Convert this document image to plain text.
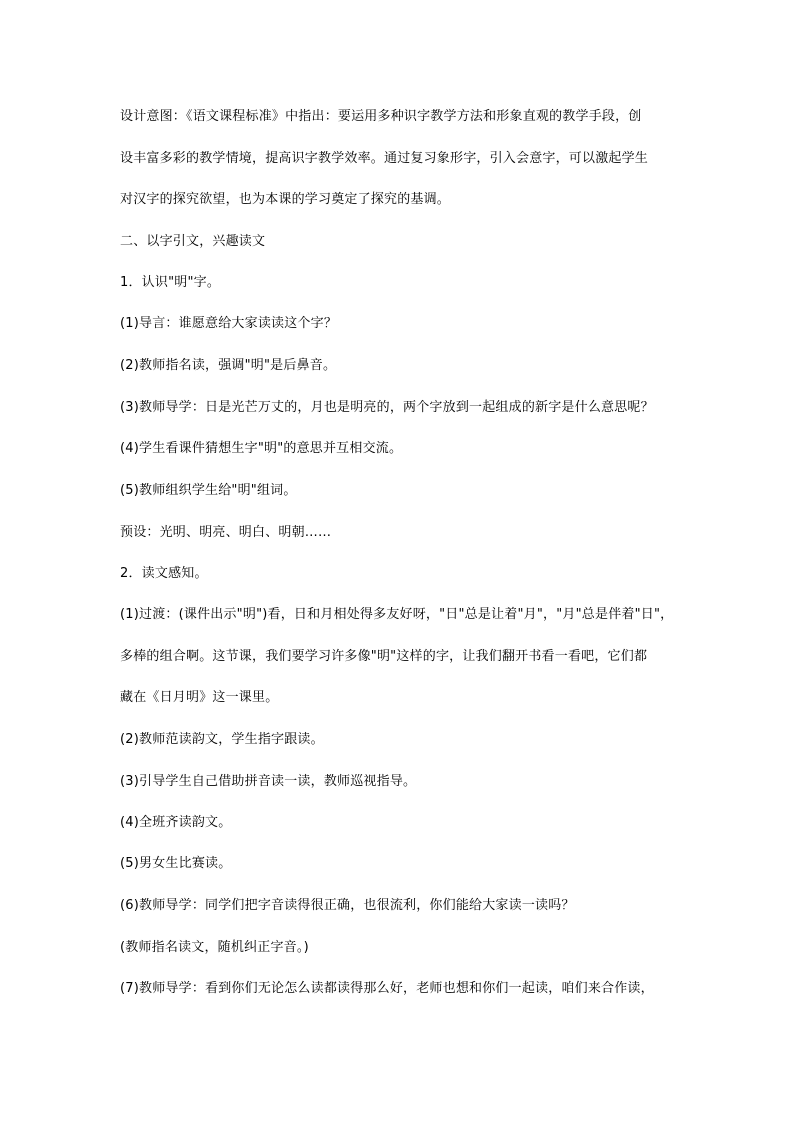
设计意图：《语文课程标准》中指出：要运用多种识字教学方法和形象直观的教学手段，创
设丰富多彩的教学情境，提高识字教学效率。通过复习象形字，引入会意字，可以激起学生
对汉字的探究欲望，也为本课的学习奠定了探究的基调。
二、以字引文，兴趣读文
1．认识"明"字。
(1)导言：谁愿意给大家读读这个字？
(2)教师指名读，强调"明"是后鼻音。
(3)教师导学：日是光芒万丈的，月也是明亮的，两个字放到一起组成的新字是什么意思呢？
(4)学生看课件猜想生字"明"的意思并互相交流。
(5)教师组织学生给"明"组词。
预设：光明、明亮、明白、明朝……
2．读文感知。
(1)过渡：(课件出示"明")看，日和月相处得多友好呀，"日"总是让着"月"，"月"总是伴着"日"，
多棒的组合啊。这节课，我们要学习许多像"明"这样的字，让我们翻开书看一看吧，它们都
藏在《日月明》这一课里。
(2)教师范读韵文，学生指字跟读。
(3)引导学生自己借助拼音读一读，教师巡视指导。
(4)全班齐读韵文。
(5)男女生比赛读。
(6)教师导学：同学们把字音读得很正确，也很流利，你们能给大家读一读吗？
(教师指名读文，随机纠正字音。)
(7)教师导学：看到你们无论怎么读都读得那么好，老师也想和你们一起读，咱们来合作读，
